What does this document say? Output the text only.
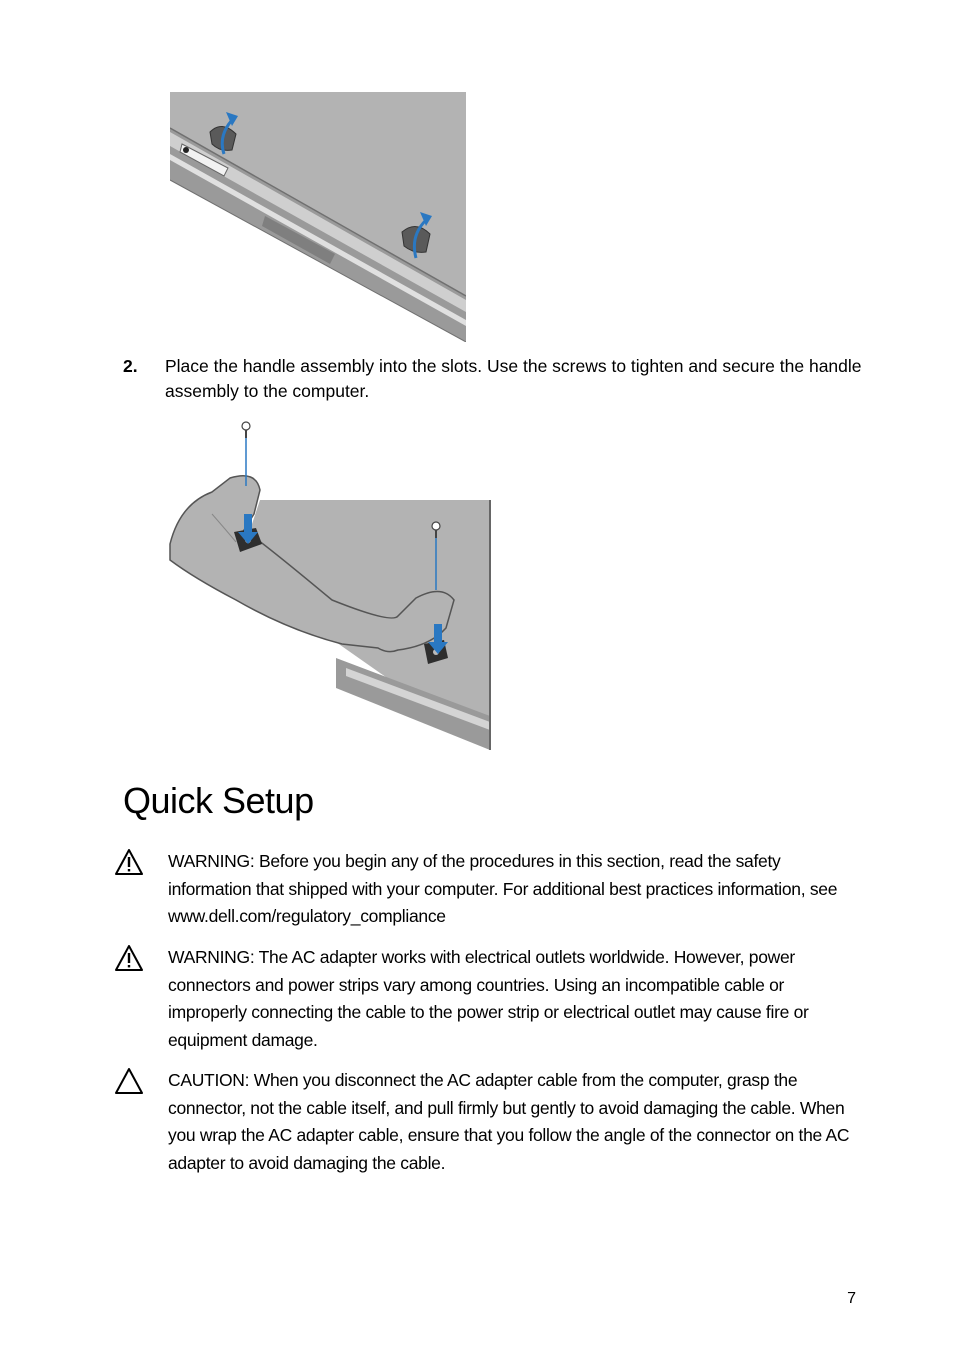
2. Place the handle assembly into the slots. Use the screws to tighten and secure the handle assembly to the computer.
Quick Setup
WARNING: Before you begin any of the procedures in this section, read the safety information that shipped with your computer. For additional best practices information, see www.dell.com/regulatory_compliance
WARNING: The AC adapter works with electrical outlets worldwide. However, power connectors and power strips vary among countries. Using an incompatible cable or improperly connecting the cable to the power strip or electrical outlet may cause fire or equipment damage.
CAUTION: When you disconnect the AC adapter cable from the computer, grasp the connector, not the cable itself, and pull firmly but gently to avoid damaging the cable. When you wrap the AC adapter cable, ensure that you follow the angle of the connector on the AC adapter to avoid damaging the cable.
7
